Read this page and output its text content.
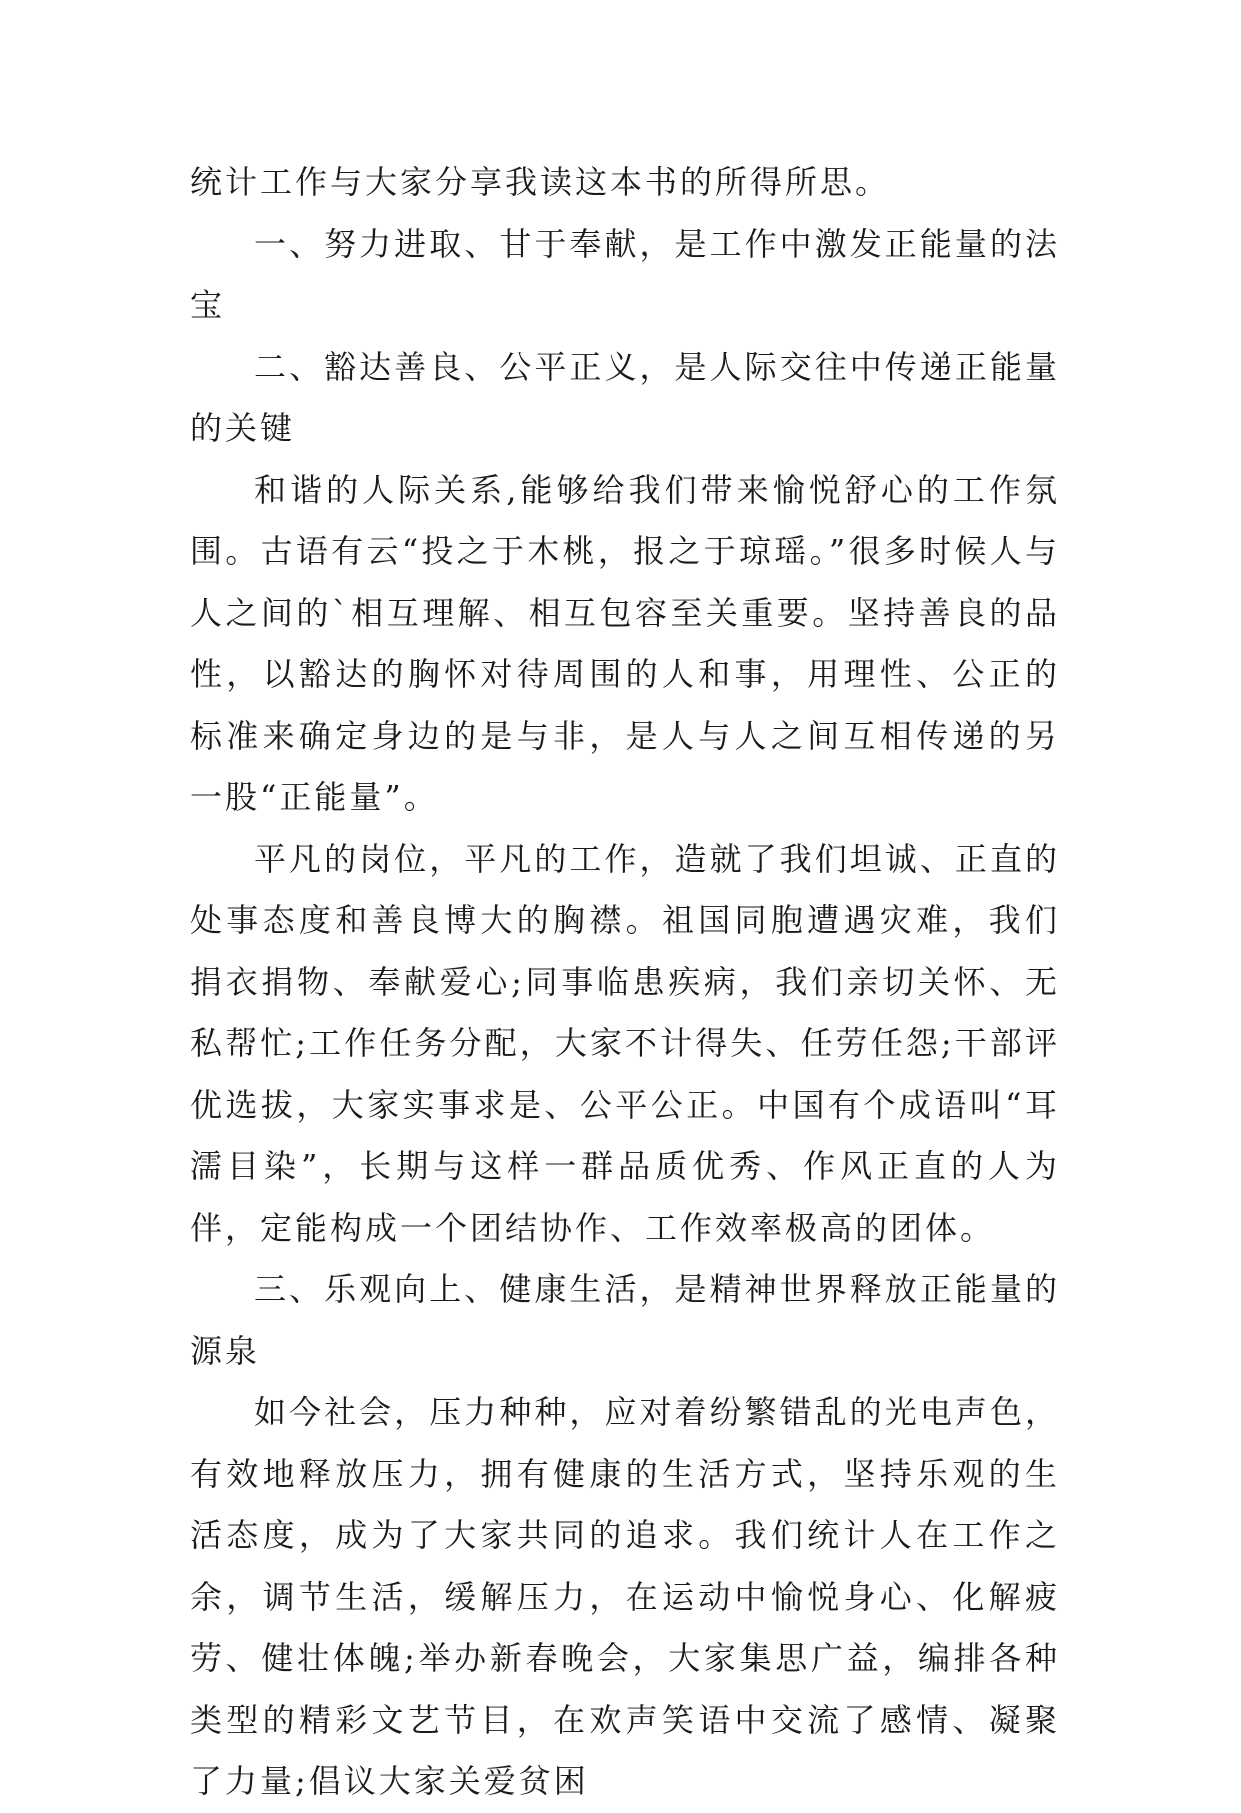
统计工作与大家分享我读这本书的所得所思。

一、努力进取、甘于奉献，是工作中激发正能量的法宝

二、豁达善良、公平正义，是人际交往中传递正能量的关键

和谐的人际关系,能够给我们带来愉悦舒心的工作氛围。古语有云“投之于木桃，报之于琼瑶。”很多时候人与人之间的`相互理解、相互包容至关重要。坚持善良的品性，以豁达的胸怀对待周围的人和事，用理性、公正的标准来确定身边的是与非，是人与人之间互相传递的另一股“正能量”。

平凡的岗位，平凡的工作，造就了我们坦诚、正直的处事态度和善良博大的胸襟。祖国同胞遭遇灾难，我们捐衣捐物、奉献爱心;同事临患疾病，我们亲切关怀、无私帮忙;工作任务分配，大家不计得失、任劳任怨;干部评优选拔，大家实事求是、公平公正。中国有个成语叫“耳濡目染”，长期与这样一群品质优秀、作风正直的人为伴，定能构成一个团结协作、工作效率极高的团体。

三、乐观向上、健康生活，是精神世界释放正能量的源泉

如今社会，压力种种，应对着纷繁错乱的光电声色，有效地释放压力，拥有健康的生活方式，坚持乐观的生活态度，成为了大家共同的追求。我们统计人在工作之余，调节生活，缓解压力，在运动中愉悦身心、化解疲劳、健壮体魄;举办新春晚会，大家集思广益，编排各种类型的精彩文艺节目，在欢声笑语中交流了感情、凝聚了力量;倡议大家关爱贫困
